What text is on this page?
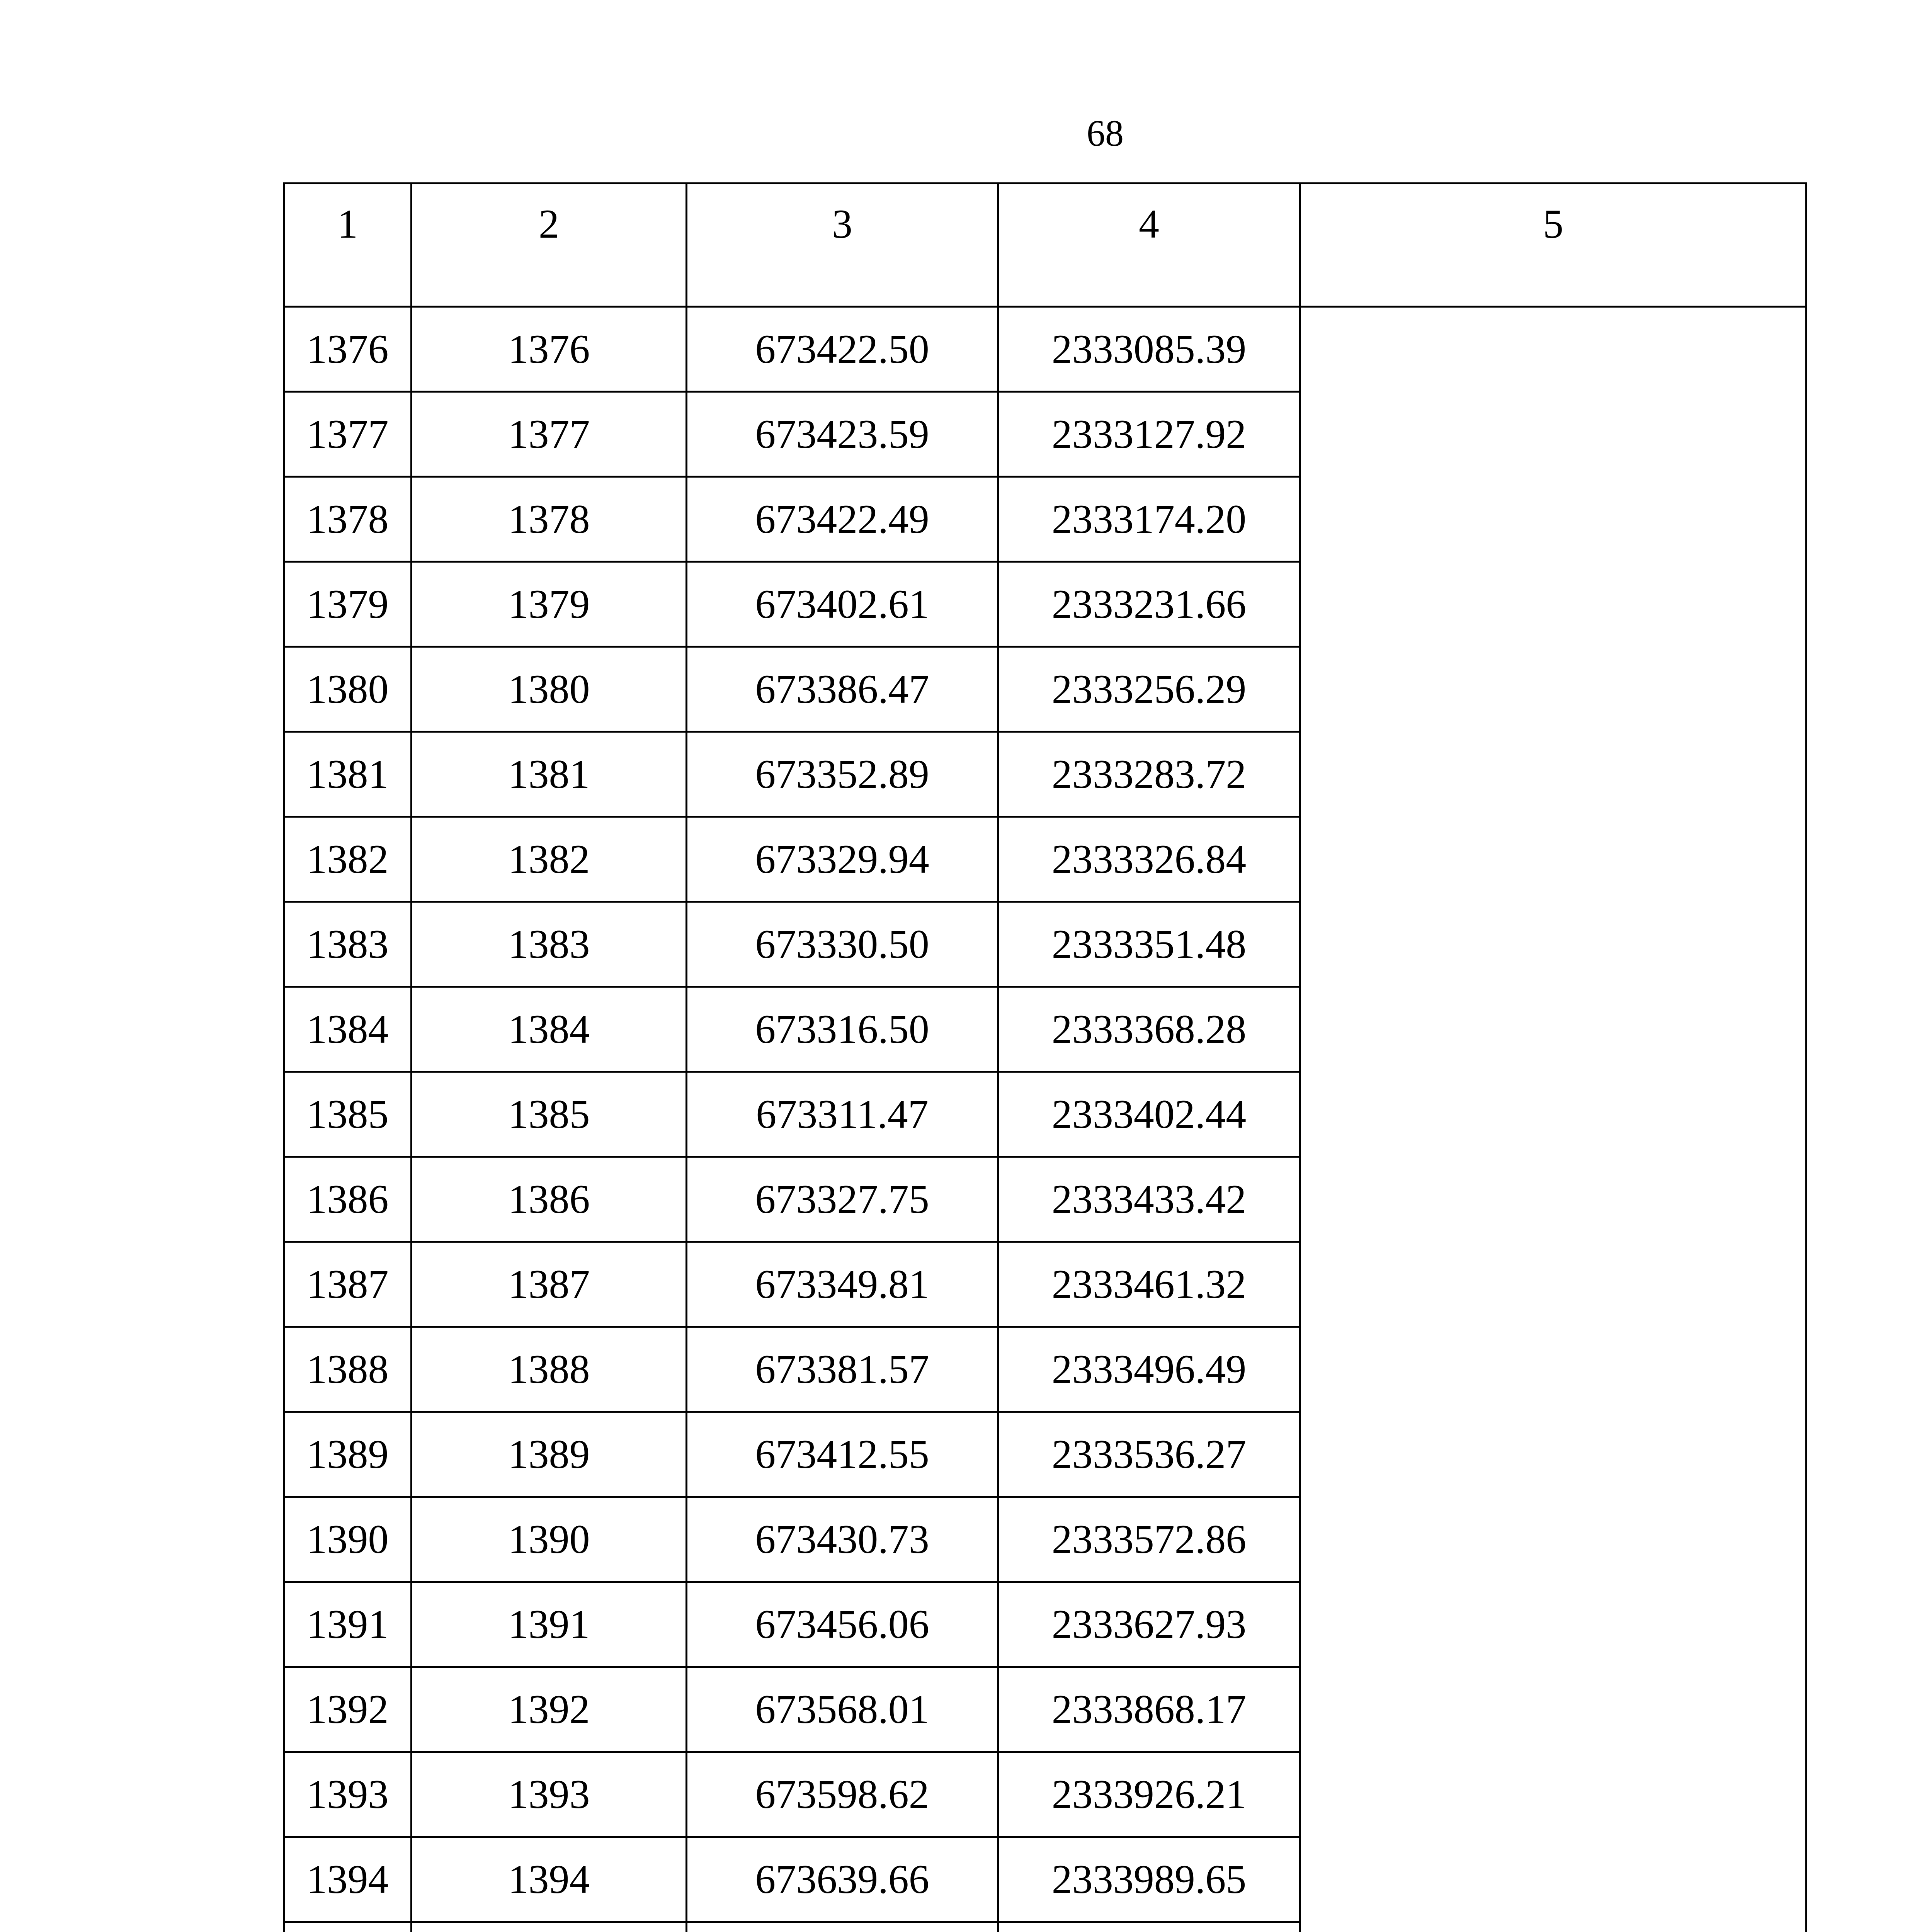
68
1	2	3	4	5
1376	1376	673422.50	2333085.39	
1377	1377	673423.59	2333127.92	
1378	1378	673422.49	2333174.20	
1379	1379	673402.61	2333231.66	
1380	1380	673386.47	2333256.29	
1381	1381	673352.89	2333283.72	
1382	1382	673329.94	2333326.84	
1383	1383	673330.50	2333351.48	
1384	1384	673316.50	2333368.28	
1385	1385	673311.47	2333402.44	
1386	1386	673327.75	2333433.42	
1387	1387	673349.81	2333461.32	
1388	1388	673381.57	2333496.49	
1389	1389	673412.55	2333536.27	
1390	1390	673430.73	2333572.86	
1391	1391	673456.06	2333627.93	
1392	1392	673568.01	2333868.17	
1393	1393	673598.62	2333926.21	
1394	1394	673639.66	2333989.65	
